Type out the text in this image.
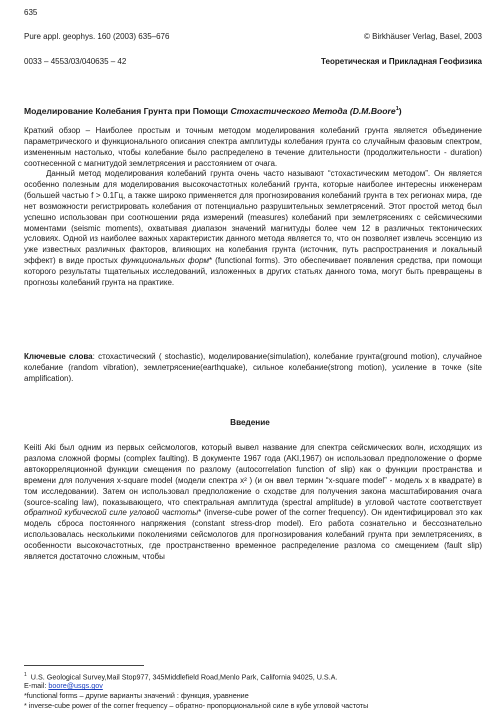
635
Pure appl. geophys. 160 (2003) 635–676	© Birkhäuser Verlag, Basel, 2003
0033 – 4553/03/040635 – 42	Теоретическая и Прикладная Геофизика
Моделирование Колебания Грунта при Помощи Стохастического Метода (D.M.Boore$^1$)
Краткий обзор – Наиболее простым и точным методом моделирования колебаний грунта является объединение параметрического и функционального описания спектра амплитуды колебания грунта со случайным фазовым спектром, измененным настолько, чтобы колебание было распределено в течение длительности (продолжительности - duration) соотнесенной с магнитудой землетрясения и расстоянием от очага.
Данный метод моделирования колебаний грунта очень часто называют “стохастическим методом”. Он является особенно полезным для моделирования высокочастотных колебаний грунта, которые наиболее интересны инженерам (большей частью f > 0.1Гц, а также широко применяется для прогнозирования колебаний грунта в тех регионах мира, где нет возможности регистрировать колебания от потенциально разрушительных землетрясений. Этот простой метод был успешно использован при соотношении ряда измерений (measures) колебаний при землетрясениях с сейсмическими моментами (seismic moments), охватывая диапазон значений магнитуды более чем 12 в различных тектонических условиях. Одной из наиболее важных характеристик данного метода является то, что он позволяет извлечь эссенцию из уже известных различных факторов, влияющих на колебания грунта (источник, путь распространения и локальный эффект) в виде простых функциональных форм* (functional forms). Это обеспечивает появления средства, при помощи которого результаты тщательных исследований, изложенных в других статьях данного тома, могут быть превращены в прогнозы колебаний грунта на практике.
Ключевые слова: стохастический ( stochastic), моделирование(simulation), колебание грунта(ground motion), случайное колебание (random vibration), землетрясение(earthquake), сильное колебание(strong motion), усиление в точке (site amplification).
Введение
Keiiti Aki был одним из первых сейсмологов, который вывел название для спектра сейсмических волн, исходящих из разлома сложной формы (complex faulting). В документе 1967 года (AKI,1967) он использовал предположение о форме автокорреляционной функции смещения по разлому (autocorrelation function of slip) как о функции пространства и времени для получения x-square model (модели спектра x² ) (и он ввел термин “x-square model” - модель x в квадрате) в том исследовании). Затем он использовал предположение о сходстве для получения закона масштабирования очага (source-scaling law), показывающего, что спектральная амплитуда (spectral amplitude) в угловой частоте соответствует обратной кубической силе угловой частоты* (inverse-cube power of the corner frequency). Он идентифицировал это как модель сброса постоянного напряжения (constant stress-drop model). Его работа сознательно и бессознательно использовалась несколькими поколениями сейсмологов для прогнозирования колебаний грунта при землетрясениях, в особенности высокочастотных, где пространственно временное распределение разлома со смещением (fault slip) является достаточно сложным, чтобы
$^1$ U.S. Geological Survey,Mail Stop977, 345Middlefield Road,Menlo Park, California 94025, U.S.A.
E-mail: boore@usgs.gov
*functional forms – другие варианты значений : функция, уравнение
* inverse-cube power of the corner frequency – обратно- пропорциональной силе в кубе угловой частоты
